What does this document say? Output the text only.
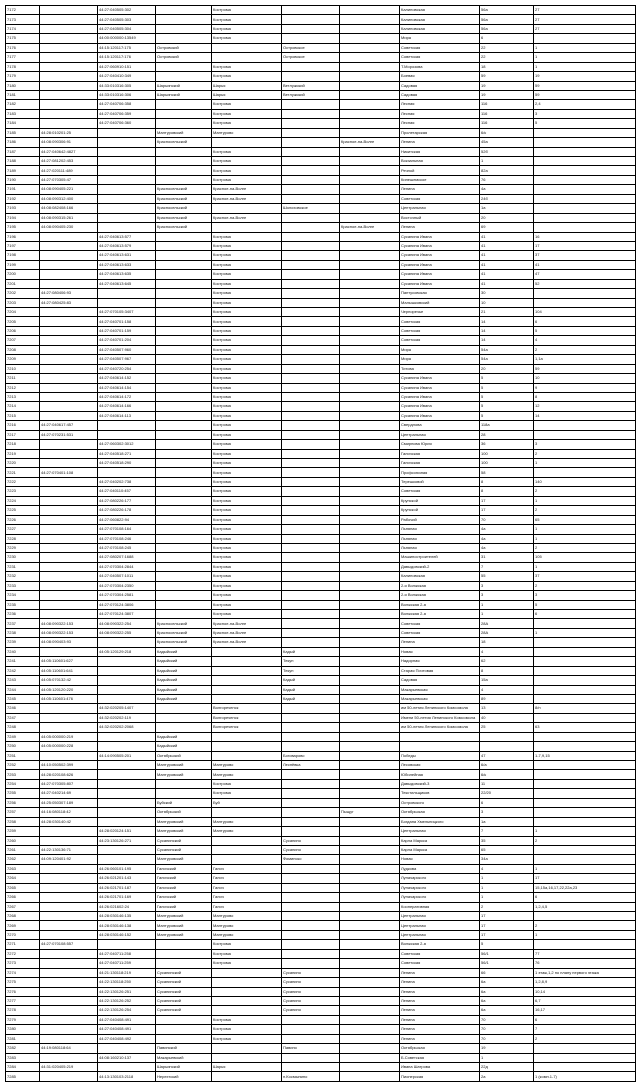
7172		44:27:040505:302		Кострома			Калиновская	56а	27
7173		44:27:040505:303		Кострома			Калиновская	56а	27
7174		44:27:040505:304		Кострома			Калиновская	56а	27
7175		44:00:000000:13549		Кострома			Мира	6	
7176		44:15:120117:175	Островский		Островское		Советская	22	1
7177		44:15:120117:176	Островский		Островское		Советская	22	1
7178		44:27:060910:151		Кострома			Т.Морозова	18	1
7179		44:27:040410:349		Кострома			Боевая	59	19
7180		44:33:010316:305	Шарьинский	Шарья	Ветлужский		Садовая	19	59
7181		44:33:010316:306	Шарьинский	Шарья	Ветлужский		Садовая	19	59
7182		44:27:040706:358		Кострома			Лесная	116	2,4
7183		44:27:040706:359		Кострома			Лесная	116	3
7184		44:27:040706:360		Кострома			Лесная	116	5
7185	44:28:010201:25		Мантуровский	Мантурово			Пролетарская	6/к	
7186	44:08:090306:91		Красносельский			Красное-на-Волге	Ленина	45а	
7187	44:27:040642:4827			Кострома			Никитская	52б	
7188	44:27:081202:453			Кострома			Вокзальная	1	
7189	44:27:020111:489			Кострома			Речной	82а	
7190	44:27:070305:47			Кострома			Кинешемское	76	
7191	44:08:090405:221		Красносельский	Красное-на-Волге			Ленина	4а	
7192	44:08:090312:400		Красносельский	Красное-на-Волге			Советская	24б	
7193	44:08:082408:166		Красносельский		Шолоховское		Центральная	1а	
7194	44:08:090315:261		Красносельский	Красное-на-Волге			Восточный	20	
7195	44:08:090405:230		Красносельский			Красное-на-Волге	Ленина	69	
7196		44:27:040613:577		Кострома			Сусанина Ивана	41	16
7197		44:27:040613:579		Кострома			Сусанина Ивана	41	17
7198		44:27:040613:631		Кострома			Сусанина Ивана	41	37
7199		44:27:040613:633		Кострома			Сусанина Ивана	41	41
7200		44:27:040613:635		Кострома			Сусанина Ивана	41	47
7201		44:27:040613:645		Кострома			Сусанина Ивана	41	52
7202	44:27:080406:93			Кострома			Пантусовская	30	
7203	44:27:080425:83			Кострома			Малышковский	10	
7204		44:27:070105:3407		Кострома			Черноречье	21	104
7205		44:27:040701:158		Кострома			Советская	14	6
7206		44:27:040701:159		Кострома			Советская	14	5
7207		44:27:040701:204		Кострома			Советская	14	4
7208		44:27:040507:960		Кострома			Мира	54а	2
7209		44:27:040507:967		Кострома			Мира	54а	1,1а
7210		44:27:040720:254		Кострома			Титова	20	59
7211		44:27:040614:152		Кострома			Сусанина Ивана	5	10
7212		44:27:040614:154		Кострома			Сусанина Ивана	5	9
7213		44:27:040614:172		Кострома			Сусанина Ивана	5	8
7214		44:27:040614:166		Кострома			Сусанина Ивана	5	12
7215		44:27:040614:113		Кострома			Сусанина Ивана	5	14
7216	44:27:040617:457			Кострома			Свердлова	118а	
7217	44:27:070231:531			Кострома			Центральная	28	
7218		44:27:060302:3012		Кострома			Смирнова Юрия	36	3
7219		44:27:040518:271		Кострома			Галичская	100	2
7220		44:27:040518:290		Кострома			Галичская	100	1
7221	44:27:070401:108			Кострома			Профсоюзная	58	
7222		44:27:040202:738		Кострома			Терешковой	8	140
7223		44:27:040110:457		Кострома			Советская	8	2
7224		44:27:080226:177		Кострома			Крупской	17	1
7225		44:27:080226:178		Кострома			Крупской	17	2
7226		44:27:060822:94		Кострома			Рабочий	70	65
7227		44:27:070108:164		Кострома			Льняная	4а	1
7228		44:27:070108:246		Кострома			Льняная	4а	1
7229		44:27:070108:245		Кострома			Льняная	4а	2
7230		44:27:080207:1688		Кострома			Машиностроителей	31	105
7231		44:27:070304:2844		Кострома			Давыдовский-2	7	1
7232		44:27:040507:1011		Кострома			Калиновская	55	37
7233		44:27:070304:2350		Кострома			2-я Волжская	3	2
7234		44:27:070304:2581		Кострома			2-я Волжская	3	3
7235		44:27:070124:3806		Кострома			Волжская 2-я	1	5
7236		44:27:070124:3807		Кострома			Волжская 2-я	1	6
7237	44:08:090322:153	44:08:090322:254	Красносельский	Красное-на-Волге			Советская	28А	
7238	44:08:090322:153	44:08:090322:255	Красносельский	Красное-на-Волге			Советская	28А	1
7239	44:08:090403:93		Красносельский	Красное-на-Волге			Ленина	18	
7240		44:05:120129:218	Кадыйский		Кадый		Новая	4	
7241	44:05:110601:627		Кадыйский		Текун		Надорная	62	
7242	44:05:110601:641		Кадыйский		Текун		Старая Почтовая	8	
7243	44:05:070132:42		Кадыйский		Кадый		Садовая	15а	
7244	44:05:120120:220		Кадыйский		Кадый		Макарьевская	4	
7245	44:05:110601:476		Кадыйский		Кадый		Макарьевская	89	
7246		44:32:020205:1407		Волгореченск			им 50-летия Ленинского Комсомола	13	8/н
7247		44:32:020202:119		Волгореченск			Имени 50-летия Ленинского Комсомола	40	
7248		44:32:020202:2068		Волгореченск			им 50-летия Ленинского Комсомола	25	63
7249	44:05:000000:219		Кадыйский						
7250	44:05:000000:228		Кадыйский						
7251		44:14:090505:201	Октябрьский		Боговарово		Победы	47	1-7,9,15
7252	44:10:050502:399		Мантуровский	Мантурово	Леснёвка		Лесовская	6/а	
7253	44:28:020108:626		Мантуровский	Мантурово			Юбилейная	6/к	
7254	44:27:070305:807			Кострома			Давыдовский-3	11	
7255	44:27:040214:69			Кострома			Текстильщиков	22/20	
7256	44:25:050307:189		Буйский	Буй			Островского	6	
7257	44:16:080118:42		Октябрьский			Пыщуг	Октябрьская	3	
7258	44:28:030140:42		Мантуровский	Мантурово			Богдана Хмельницкого	1а	
7259		44:28:020124:151	Мантуровский	Мантурово			Центральная	7	1
7260		44:23:130126:271	Сусанинский		Сусанино		Карла Маркса	35	2
7261	44:22:130136:71		Сусанинский		Сусанино		Карла Маркса	65	
7262	44:09:120401:92		Мантуровский		Фоминско		Новая	34а	
7263		44:26:060101:195	Галичский	Галич			Лудкова	4	1
7264		44:26:021201:143	Галичский	Галич			Луначарского	1	17
7265		44:26:021701:187	Галичский	Галич			Луначарского	1	15,15а,16,17,22,22а,23
7266		44:26:021701:169	Галичский	Галич			Луначарского	1	6
7267		44:26:021602:24	Галичский	Галич			Кооперативная	2	1,2,4,5
7268		44:28:030146:135	Мантуровский	Мантурово			Центральная	17	
7269		44:28:030146:138	Мантуровский	Мантурово			Центральная	17	2
7270		44:28:030146:152	Мантуровский	Мантурово			Центральная	17	1
7271	44:27:070108:557			Кострома			Волжская 2-я	5	
7272		44:27:040711:258		Кострома			Советская	56/1	77
7273		44:27:040711:259		Кострома			Советская	56/1	76
7274		44:21:130118:219	Сусанинский		Сусанино		Ленина	66	1 этаж,1,2 по плану первого этажа
7275		44:22:130118:250	Сусанинский		Сусанино		Ленина	6а	1,2,8,9
7276		44:22:130126:251	Сусанинский		Сусанино		Ленина	6а	10,14
7277		44:22:130126:252	Сусанинский		Сусанино		Ленина	6а	6,7
7278		44:22:130126:254	Сусанинский		Сусанино		Ленина	6а	16,17
7279		44:27:040408:491		Кострома			Ленина	70	6
7280		44:27:040408:491		Кострома			Ленина	70	7
7281		44:27:040408:492		Кострома			Ленина	70	2
7282	44:19:080118:64		Павинский		Павино		Октябрьская	19	
7283		44:08:160210:137	Макарьевский				Б.Советская	1	
7284	44:31:020405:219		Шарьинский	Шарья			Ивана Шатрова	22д	
7285		44:13:130103:2118	Нерехтский		п.Космынино		Пионерская	2а	1 (комн.1-7)
